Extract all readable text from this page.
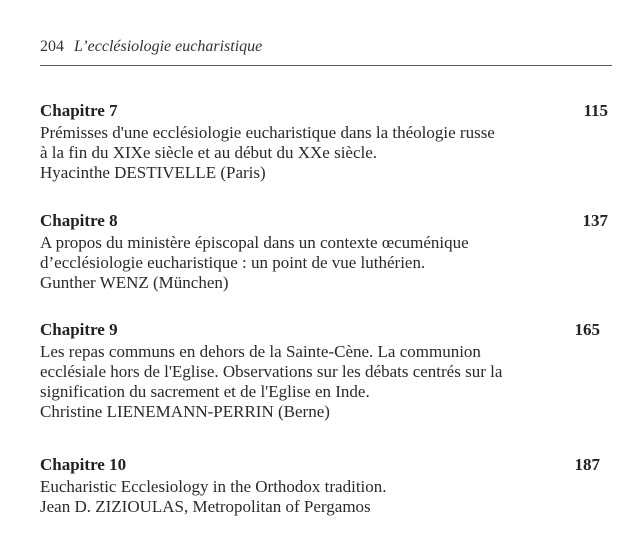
204 L’ecclésiologie eucharistique
Chapitre 7	115
Prémisses d'une ecclésiologie eucharistique dans la théologie russe
à la fin du XIXe siècle et au début du XXe siècle.
Hyacinthe DESTIVELLE (Paris)
Chapitre 8	137
A propos du ministère épiscopal dans un contexte œcuménique
d’ecclésiologie eucharistique : un point de vue luthérien.
Gunther WENZ (München)
Chapitre 9	165
Les repas communs en dehors de la Sainte-Cène. La communion
ecclésiale hors de l'Eglise. Observations sur les débats centrés sur la
signification du sacrement et de l'Eglise en Inde.
Christine LIENEMANN-PERRIN (Berne)
Chapitre 10	187
Eucharistic Ecclesiology in the Orthodox tradition.
Jean D. ZIZIOULAS, Metropolitan of Pergamos
